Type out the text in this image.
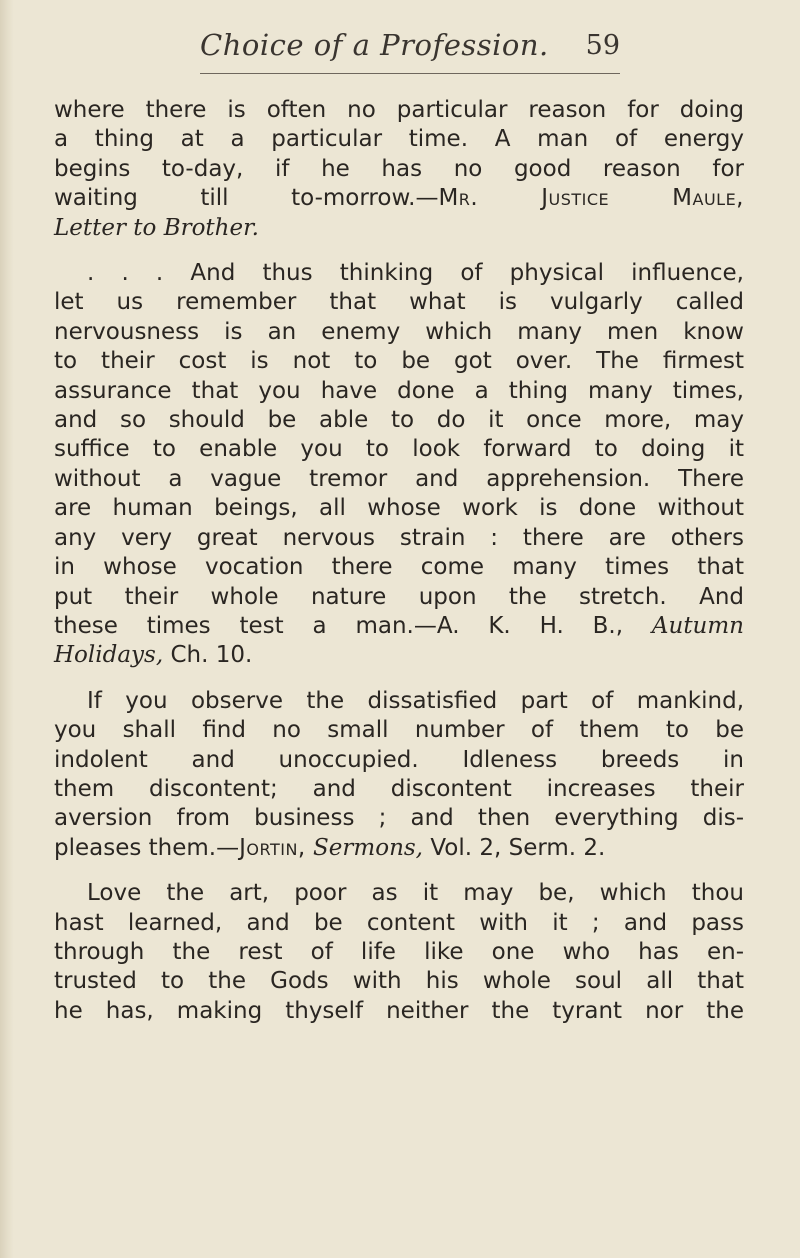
Choice of a Profession. 59
where there is often no particular reason for doing
a thing at a particular time. A man of energy
begins to-day, if he has no good reason for
waiting till to-morrow.—Mr. Justice Maule,
Letter to Brother.
. . . And thus thinking of physical influence,
let us remember that what is vulgarly called
nervousness is an enemy which many men know
to their cost is not to be got over. The firmest
assurance that you have done a thing many times,
and so should be able to do it once more, may
suffice to enable you to look forward to doing it
without a vague tremor and apprehension. There
are human beings, all whose work is done without
any very great nervous strain : there are others
in whose vocation there come many times that
put their whole nature upon the stretch. And
these times test a man.—A. K. H. B., Autumn
Holidays, Ch. 10.
If you observe the dissatisfied part of mankind,
you shall find no small number of them to be
indolent and unoccupied. Idleness breeds in
them discontent; and discontent increases their
aversion from business ; and then everything dis-
pleases them.—Jortin, Sermons, Vol. 2, Serm. 2.
Love the art, poor as it may be, which thou
hast learned, and be content with it ; and pass
through the rest of life like one who has en-
trusted to the Gods with his whole soul all that
he has, making thyself neither the tyrant nor the
